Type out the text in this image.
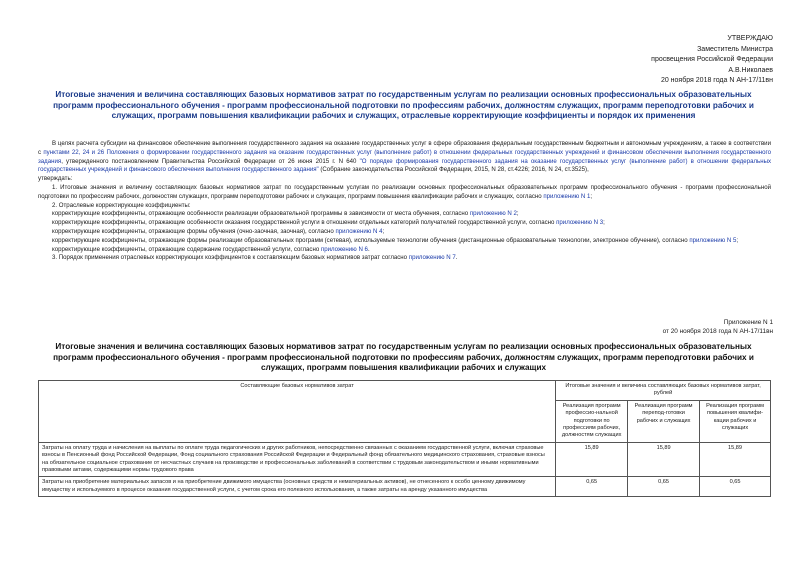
УТВЕРЖДАЮ
Заместитель Министра
просвещения Российской Федерации
А.В.Николаев
20 ноября 2018 года N АН-17/11вн
Итоговые значения и величина составляющих базовых нормативов затрат по государственным услугам по реализации основных профессиональных образовательных программ профессионального обучения - программ профессиональной подготовки по профессиям рабочих, должностям служащих, программ переподготовки рабочих и служащих, программ повышения квалификации рабочих и служащих, отраслевые корректирующие коэффициенты и порядок их применения

В целях расчета субсидии на финансовое обеспечение выполнения государственного задания на оказание государственных услуг в сфере образования федеральным государственным бюджетным и автономным учреждениям, а также в соответствии с пунктами 22, 24 и 26 Положения о формировании государственного задания на оказание государственных услуг (выполнение работ) в отношении федеральных государственных учреждений и финансовом обеспечении выполнения государственного задания, утвержденного постановлением Правительства Российской Федерации от 26 июня 2015 г. N 640 "О порядке формирования государственного задания на оказание государственных услуг (выполнение работ) в отношении федеральных государственных учреждений и финансового обеспечения выполнения государственного задания" (Собрание законодательства Российской Федерации, 2015, N 28, ст.4226; 2016, N 24, ст.3525),

утверждать:

1. Итоговые значения и величину составляющих базовых нормативов затрат по государственным услугам по реализации основных профессиональных образовательных программ профессионального обучения - программ профессиональной подготовки по профессиям рабочих, должностям служащих, программ переподготовки рабочих и служащих, программ повышения квалификации рабочих и служащих, согласно приложению N 1;

2. Отраслевые корректирующие коэффициенты:

корректирующие коэффициенты, отражающие особенности реализации образовательной программы в зависимости от места обучения, согласно приложению N 2;

корректирующие коэффициенты, отражающие особенности оказания государственной услуги в отношении отдельных категорий получателей государственной услуги, согласно приложению N 3;

корректирующие коэффициенты, отражающие формы обучения (очно-заочная, заочная), согласно приложению N 4;

корректирующие коэффициенты, отражающие формы реализации образовательных программ (сетевая), используемые технологии обучения (дистанционные образовательные технологии, электронное обучение), согласно приложению N 5;

корректирующие коэффициенты, отражающие содержание государственной услуги, согласно приложению N 6.

3. Порядок применения отраслевых корректирующих коэффициентов к составляющим базовых нормативов затрат согласно приложению N 7.

Приложение N 1
от 20 ноября 2018 года N АН-17/11вн
Итоговые значения и величина составляющих базовых нормативов затрат по государственным услугам по реализации основных профессиональных образовательных программ профессионального обучения - программ профессиональной подготовки по профессиям рабочих, должностям служащих, программ переподготовки рабочих и служащих, программ повышения квалификации рабочих и служащих
Составляющие базовых нормативов затрат	Итоговые значения и величина составляющих базовых нормативов затрат, рублей		
	Реализация программ профессио-нальной подготовки по профессиям рабочих, должностям служащих	Реализация программ перепод-готовки рабочих и служащих	Реализация программ повышения квалифи-кации рабочих и служащих
Затраты на оплату труда и начисления на выплаты по оплате труда педагогических и других работников, непосредственно связанных с оказанием государственной услуги, включая страховые взносы в Пенсионный фонд Российской Федерации, Фонд социального страхования Российской Федерации и Федеральный фонд обязательного медицинского страхования, страховые взносы на обязательное социальное страхование от несчастных случаев на производстве и профессиональных заболеваний в соответствии с трудовым законодательством и иными нормативными правовыми актами, содержащими нормы трудового права	15,89	15,89	15,89
Затраты на приобретение материальных запасов и на приобретение движимого имущества (основных средств и нематериальных активов), не отнесенного к особо ценному движимому имуществу и используемого в процессе оказания государственной услуги, с учетом срока его полезного использования, а также затраты на аренду указанного имущества	0,65	0,65	0,65
